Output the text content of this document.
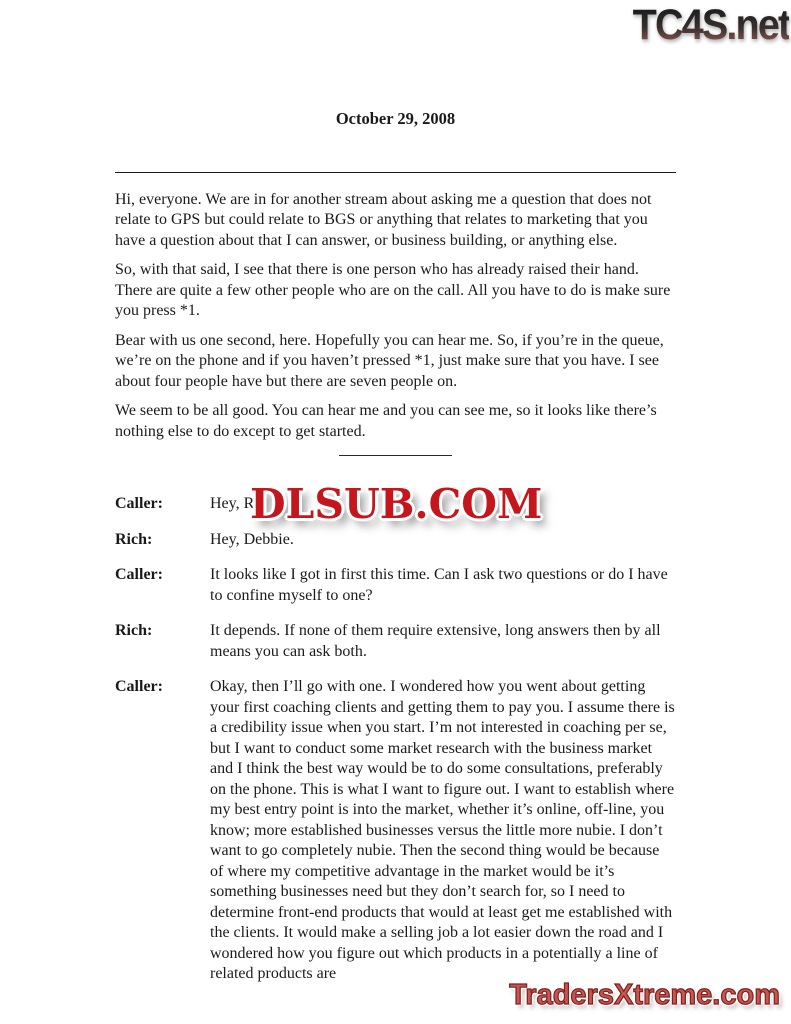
TC4S.net

October 29, 2008

Hi, everyone. We are in for another stream about asking me a question that does not relate to GPS but could relate to BGS or anything that relates to marketing that you have a question about that I can answer, or business building, or anything else.

So, with that said, I see that there is one person who has already raised their hand. There are quite a few other people who are on the call. All you have to do is make sure you press *1.

Bear with us one second, here. Hopefully you can hear me. So, if you’re in the queue, we’re on the phone and if you haven’t pressed *1, just make sure that you have. I see about four people have but there are seven people on.

We seem to be all good. You can hear me and you can see me, so it looks like there’s nothing else to do except to get started.

Caller:	Hey, Ri
Rich:	Hey, Debbie.
Caller:	It looks like I got in first this time. Can I ask two questions or do I have to confine myself to one?
Rich:	It depends. If none of them require extensive, long answers then by all means you can ask both.
Caller:	Okay, then I’ll go with one. I wondered how you went about getting your first coaching clients and getting them to pay you. I assume there is a credibility issue when you start. I’m not interested in coaching per se, but I want to conduct some market research with the business market and I think the best way would be to do some consultations, preferably on the phone. This is what I want to figure out. I want to establish where my best entry point is into the market, whether it’s online, off-line, you know; more established businesses versus the little more nubie. I don’t want to go completely nubie. Then the second thing would be because of where my competitive advantage in the market would be it’s something businesses need but they don’t search for, so I need to determine front-end products that would at least get me established with the clients. It would make a selling job a lot easier down the road and I wondered how you figure out which products in a potentially a line of related products are
DLSUB.COM
TradersXtreme.com
